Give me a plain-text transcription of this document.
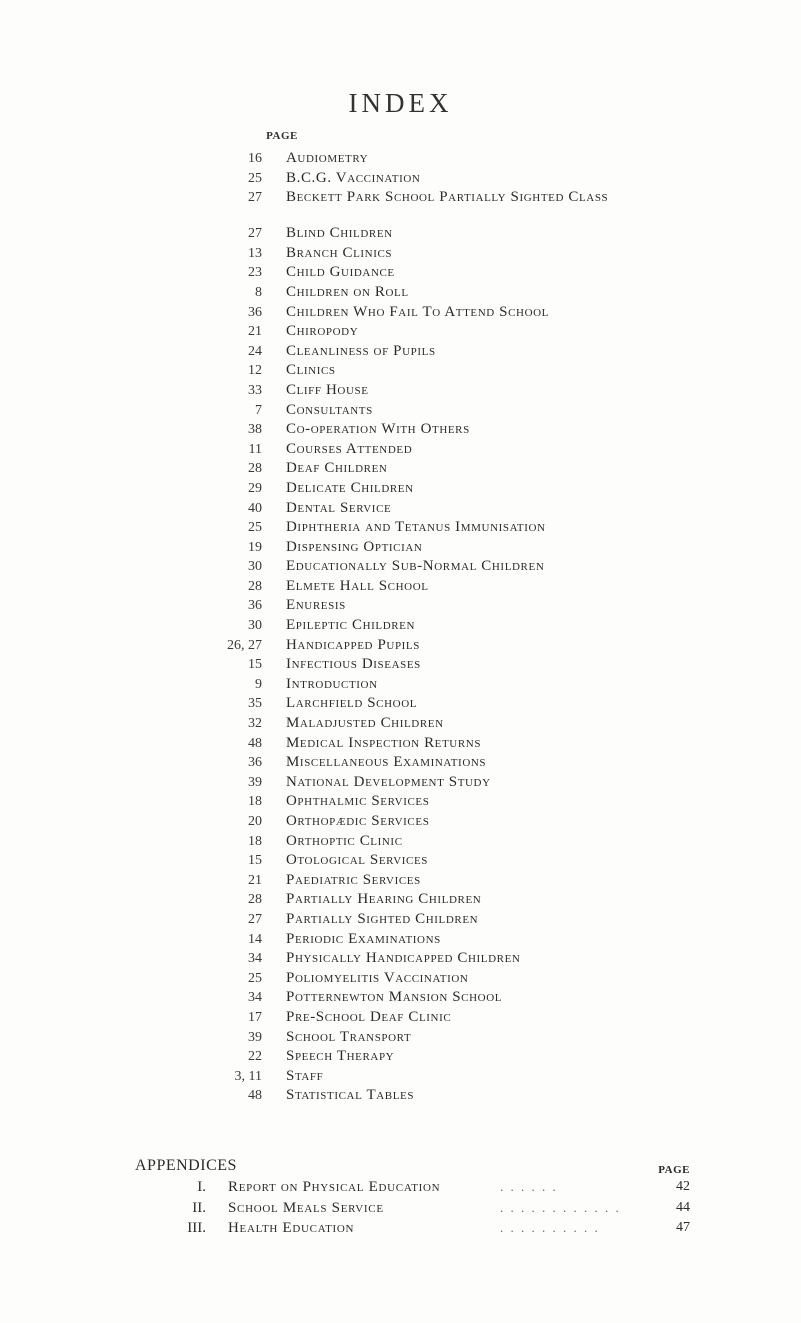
INDEX
PAGE
16 Audiometry
25 B.C.G. Vaccination
27 Beckett Park School Partially Sighted Class
27 Blind Children
13 Branch Clinics
23 Child Guidance
8 Children on Roll
36 Children Who Fail To Attend School
21 Chiropody
24 Cleanliness of Pupils
12 Clinics
33 Cliff House
7 Consultants
38 Co-operation With Others
11 Courses Attended
28 Deaf Children
29 Delicate Children
40 Dental Service
25 Diphtheria and Tetanus Immunisation
19 Dispensing Optician
30 Educationally Sub-Normal Children
28 Elmete Hall School
36 Enuresis
30 Epileptic Children
26, 27 Handicapped Pupils
15 Infectious Diseases
9 Introduction
35 Larchfield School
32 Maladjusted Children
48 Medical Inspection Returns
36 Miscellaneous Examinations
39 National Development Study
18 Ophthalmic Services
20 Orthopædic Services
18 Orthoptic Clinic
15 Otological Services
21 Paediatric Services
28 Partially Hearing Children
27 Partially Sighted Children
14 Periodic Examinations
34 Physically Handicapped Children
25 Poliomyelitis Vaccination
34 Potternewton Mansion School
17 Pre-School Deaf Clinic
39 School Transport
22 Speech Therapy
3, 11 Staff
48 Statistical Tables
APPENDICES	PAGE
I. Report on Physical Education	. . . . . .	42
II. School Meals Service	. . . . . . . . . . . .	44
III. Health Education	. . . . . . . . . .	47
